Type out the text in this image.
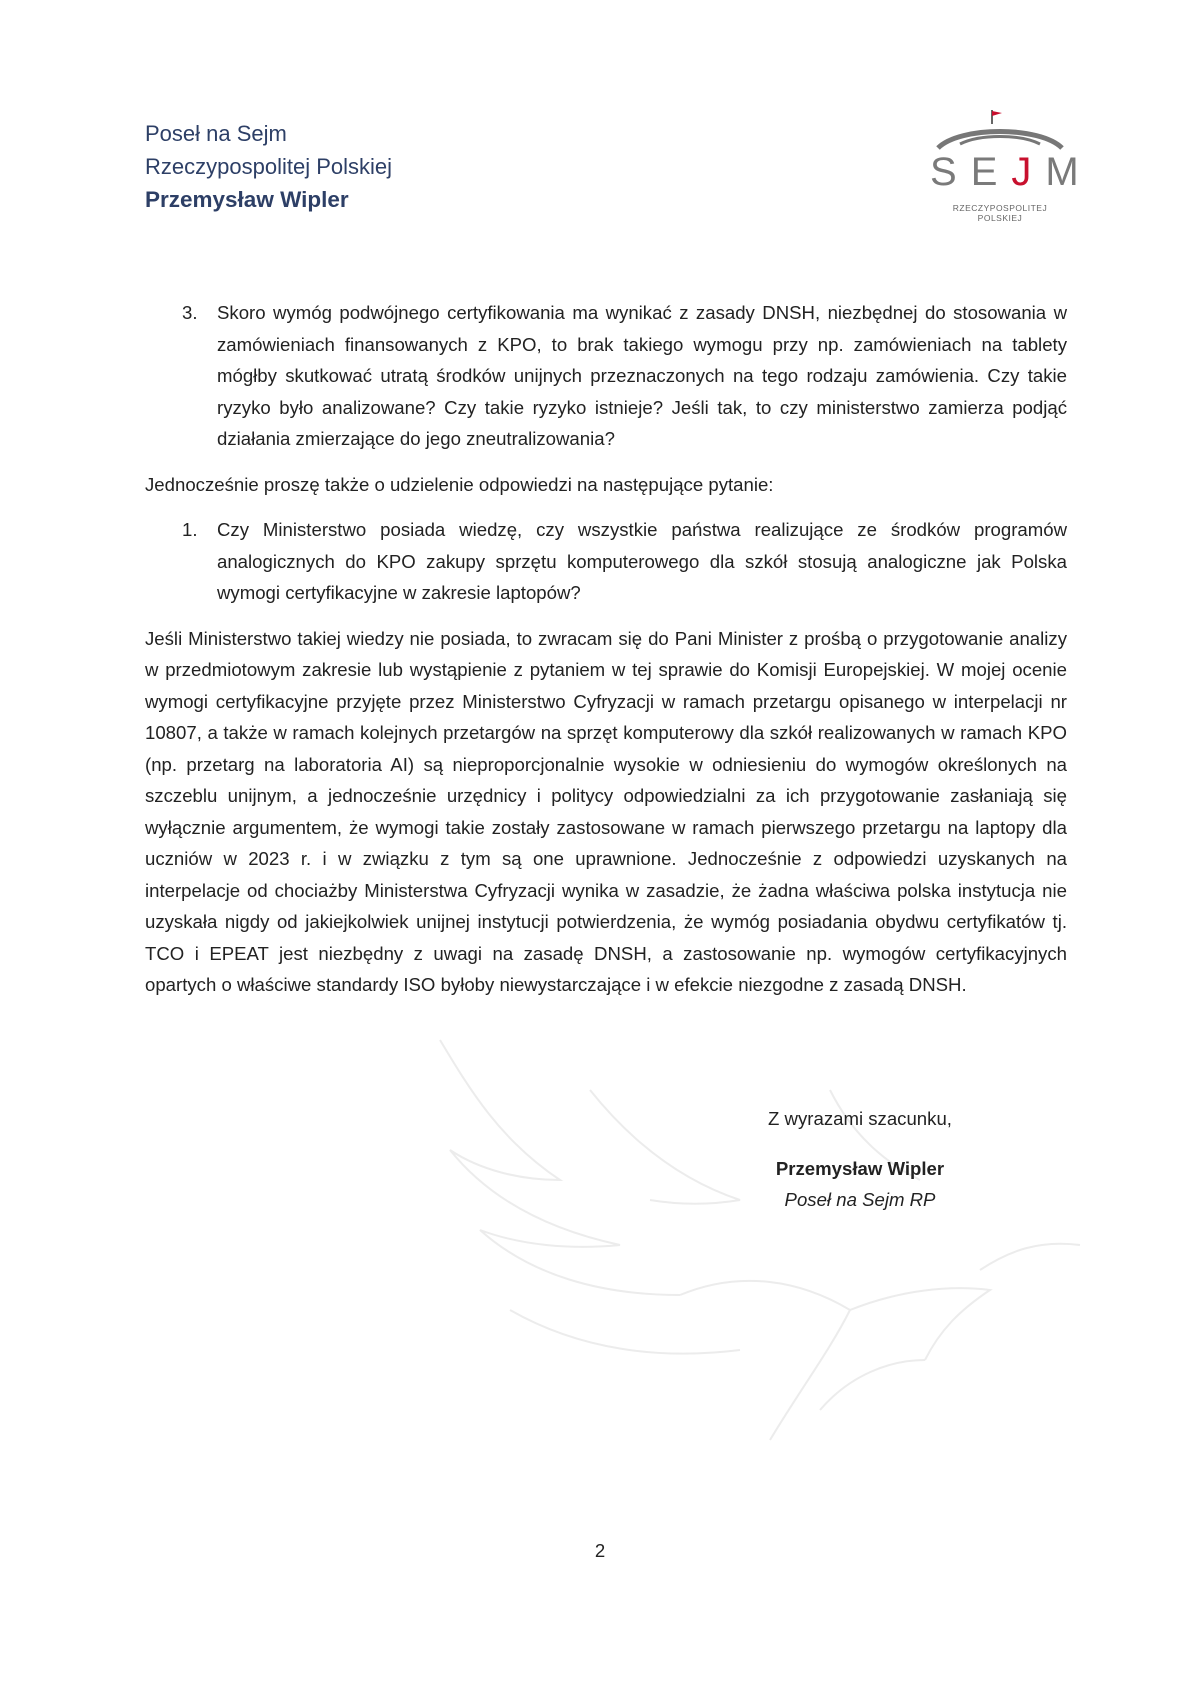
Poseł na Sejm
Rzeczypospolitej Polskiej
Przemysław Wipler
SEJM
RZECZYPOSPOLITEJ POLSKIEJ
3. Skoro wymóg podwójnego certyfikowania ma wynikać z zasady DNSH, niezbędnej do stosowania w zamówieniach finansowanych z KPO, to brak takiego wymogu przy np. zamówieniach na tablety mógłby skutkować utratą środków unijnych przeznaczonych na tego rodzaju zamówienia. Czy takie ryzyko było analizowane? Czy takie ryzyko istnieje? Jeśli tak, to czy ministerstwo zamierza podjąć działania zmierzające do jego zneutralizowania?
Jednocześnie proszę także o udzielenie odpowiedzi na następujące pytanie:
1. Czy Ministerstwo posiada wiedzę, czy wszystkie państwa realizujące ze środków programów analogicznych do KPO zakupy sprzętu komputerowego dla szkół stosują analogiczne jak Polska wymogi certyfikacyjne w zakresie laptopów?
Jeśli Ministerstwo takiej wiedzy nie posiada, to zwracam się do Pani Minister z prośbą o przygotowanie analizy w przedmiotowym zakresie lub wystąpienie z pytaniem w tej sprawie do Komisji Europejskiej. W mojej ocenie wymogi certyfikacyjne przyjęte przez Ministerstwo Cyfryzacji w ramach przetargu opisanego w interpelacji nr 10807, a także w ramach kolejnych przetargów na sprzęt komputerowy dla szkół realizowanych w ramach KPO (np. przetarg na laboratoria AI) są nieproporcjonalnie wysokie w odniesieniu do wymogów określonych na szczeblu unijnym, a jednocześnie urzędnicy i politycy odpowiedzialni za ich przygotowanie zasłaniają się wyłącznie argumentem, że wymogi takie zostały zastosowane w ramach pierwszego przetargu na laptopy dla uczniów w 2023 r. i w związku z tym są one uprawnione. Jednocześnie z odpowiedzi uzyskanych na interpelacje od chociażby Ministerstwa Cyfryzacji wynika w zasadzie, że żadna właściwa polska instytucja nie uzyskała nigdy od jakiejkolwiek unijnej instytucji potwierdzenia, że wymóg posiadania obydwu certyfikatów tj. TCO i EPEAT jest niezbędny z uwagi na zasadę DNSH, a zastosowanie np. wymogów certyfikacyjnych opartych o właściwe standardy ISO byłoby niewystarczające i w efekcie niezgodne z zasadą DNSH.
Z wyrazami szacunku,
Przemysław Wipler
Poseł na Sejm RP
2
